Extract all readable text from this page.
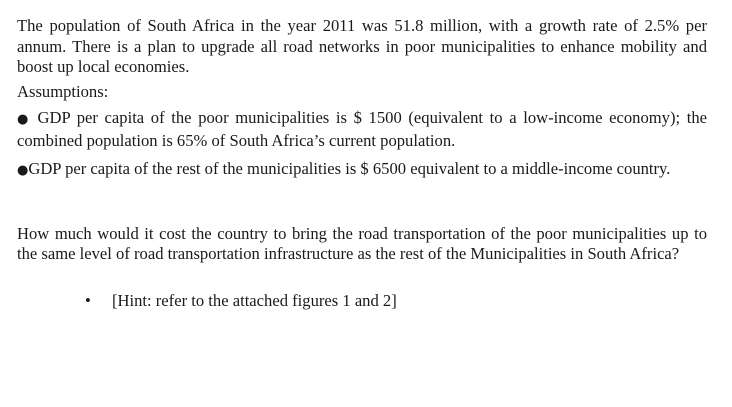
The population of South Africa in the year 2011 was 51.8 million, with a growth rate of 2.5% per annum. There is a plan to upgrade all road networks in poor municipalities to enhance mobility and boost up local economies.

Assumptions:

● GDP per capita of the poor municipalities is $ 1500 (equivalent to a low-income economy); the combined population is 65% of South Africa’s current population.

●GDP per capita of the rest of the municipalities is $ 6500 equivalent to a middle-income country.

How much would it cost the country to bring the road transportation of the poor municipalities up to the same level of road transportation infrastructure as the rest of the Municipalities in South Africa?

• [Hint: refer to the attached figures 1 and 2]
